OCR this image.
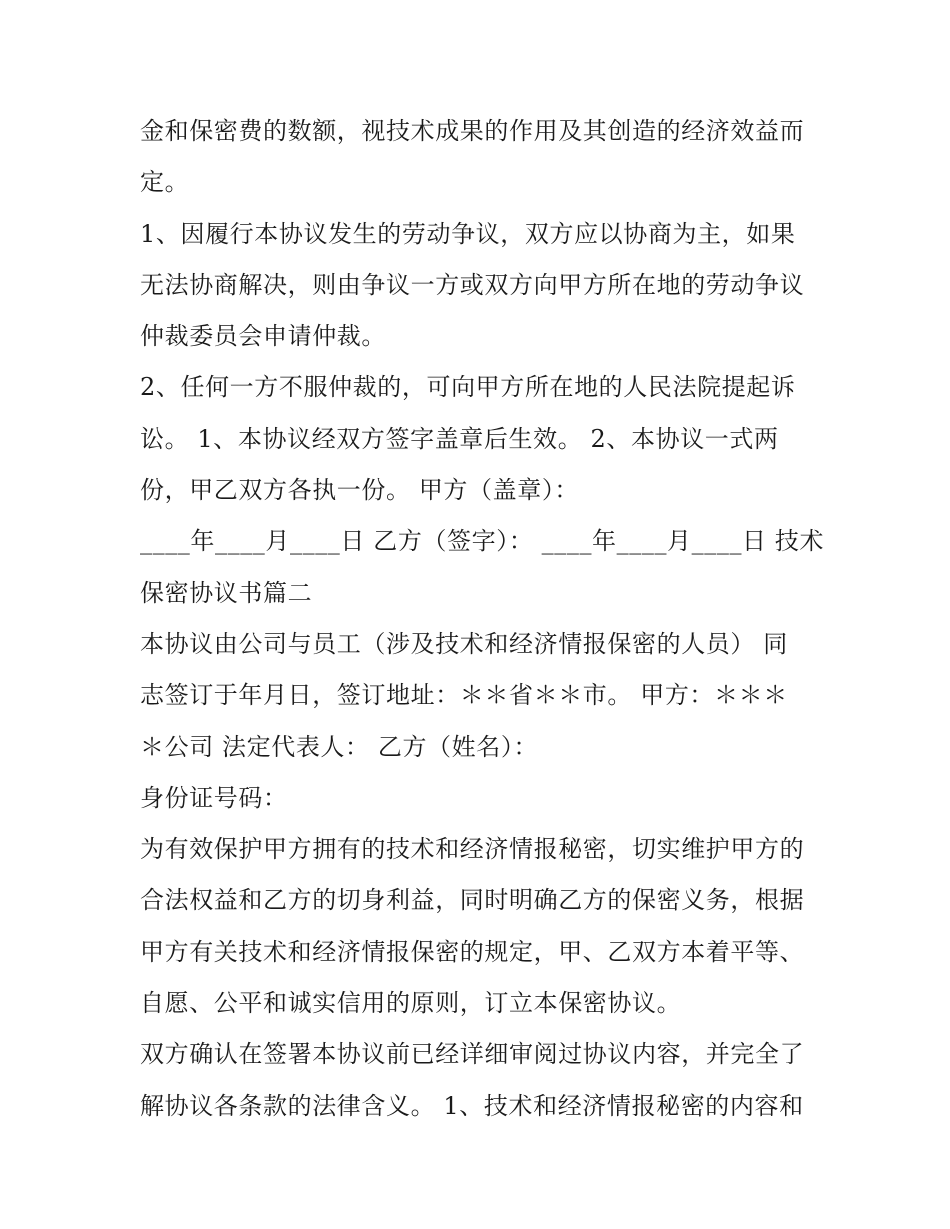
金和保密费的数额，视技术成果的作用及其创造的经济效益而
定。
1、因履行本协议发生的劳动争议，双方应以协商为主，如果
无法协商解决，则由争议一方或双方向甲方所在地的劳动争议
仲裁委员会申请仲裁。
2、任何一方不服仲裁的，可向甲方所在地的人民法院提起诉
讼。 1、本协议经双方签字盖章后生效。 2、本协议一式两
份，甲乙双方各执一份。 甲方（盖章）：
____年____月____日 乙方（签字）： ____年____月____日 技术
保密协议书篇二
本协议由公司与员工（涉及技术和经济情报保密的人员） 同
志签订于年月日，签订地址：＊＊省＊＊市。 甲方：＊＊＊
＊公司 法定代表人： 乙方（姓名）：
身份证号码：
为有效保护甲方拥有的技术和经济情报秘密，切实维护甲方的
合法权益和乙方的切身利益，同时明确乙方的保密义务，根据
甲方有关技术和经济情报保密的规定，甲、乙双方本着平等、
自愿、公平和诚实信用的原则，订立本保密协议。
双方确认在签署本协议前已经详细审阅过协议内容，并完全了
解协议各条款的法律含义。 1、技术和经济情报秘密的内容和
